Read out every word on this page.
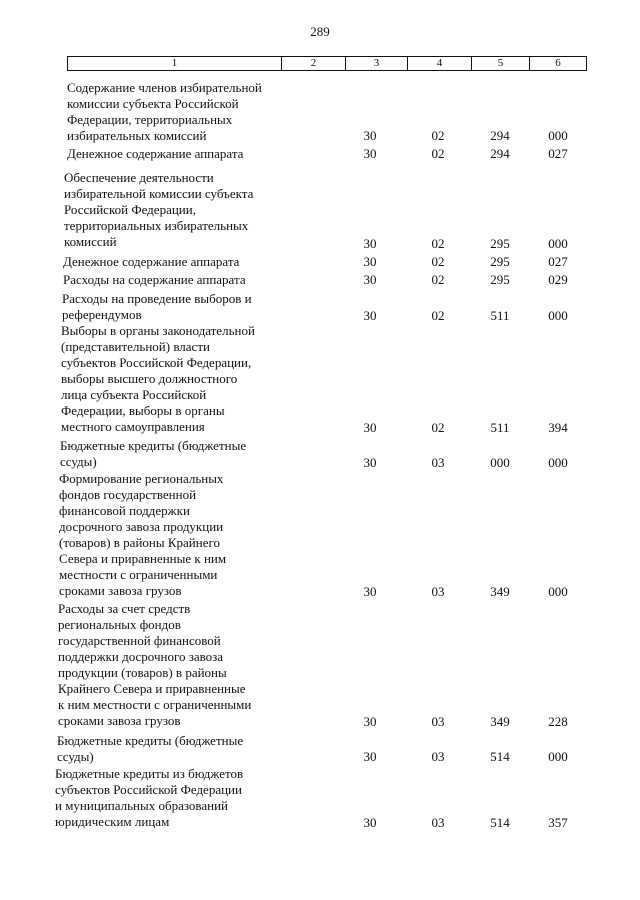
289
1	2	3	4	5	6
Содержание членов избирательной
комиссии субъекта Российской
Федерации, территориальных
избирательных комиссий	30	02	294	000
Денежное содержание аппарата	30	02	294	027
Обеспечение деятельности
избирательной комиссии субъекта
Российской Федерации,
территориальных избирательных
комиссий	30	02	295	000
Денежное содержание аппарата	30	02	295	027
Расходы на содержание аппарата	30	02	295	029
Расходы на проведение выборов и
референдумов	30	02	511	000
Выборы в органы законодательной
(представительной) власти
субъектов Российской Федерации,
выборы высшего должностного
лица субъекта Российской
Федерации, выборы в органы
местного самоуправления	30	02	511	394
Бюджетные кредиты (бюджетные
ссуды)	30	03	000	000
Формирование региональных
фондов государственной
финансовой поддержки
досрочного завоза продукции
(товаров) в районы Крайнего
Севера и приравненные к ним
местности с ограниченными
сроками завоза грузов	30	03	349	000
Расходы за счет средств
региональных фондов
государственной финансовой
поддержки досрочного завоза
продукции (товаров) в районы
Крайнего Севера и приравненные
к ним местности с ограниченными
сроками завоза грузов	30	03	349	228
Бюджетные кредиты (бюджетные
ссуды)	30	03	514	000
Бюджетные кредиты из бюджетов
субъектов Российской Федерации
и муниципальных образований
юридическим лицам	30	03	514	357
